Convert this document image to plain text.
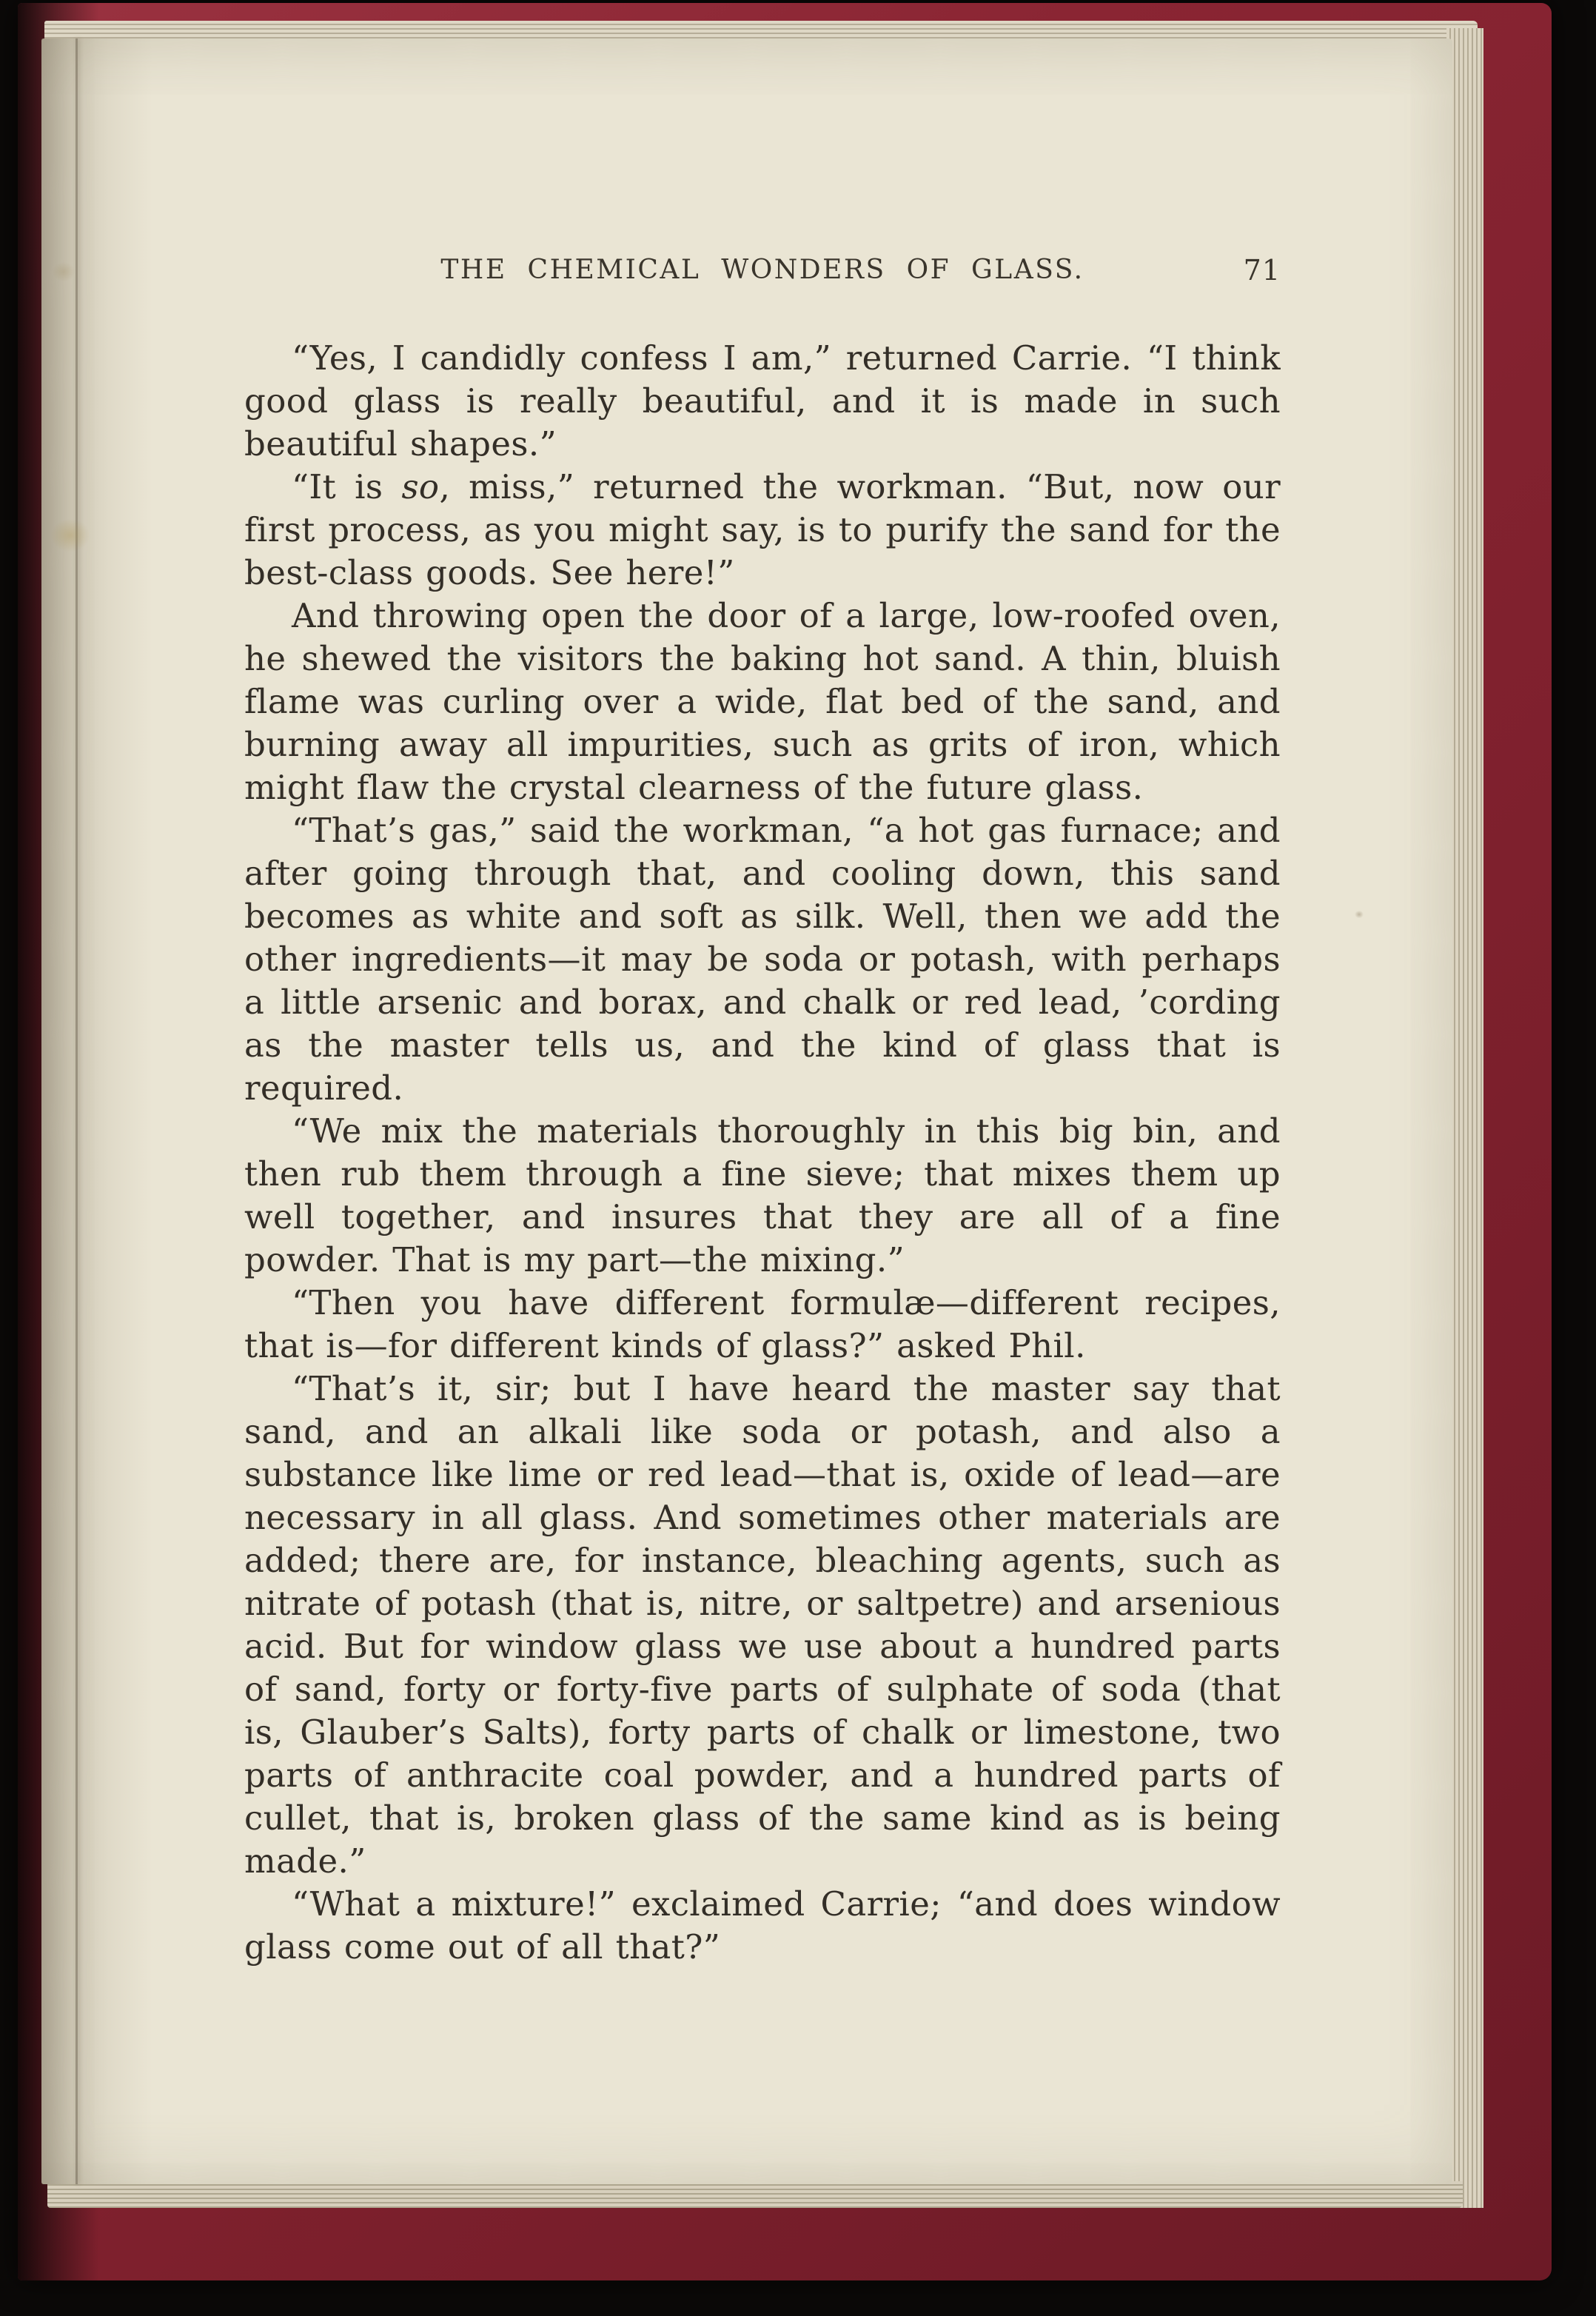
THE CHEMICAL WONDERS OF GLASS.	71

“Yes, I candidly confess I am,” returned Carrie. “I think good glass is really beautiful, and it is made in such beautiful shapes.”

“It is so, miss,” returned the workman. “But, now our first process, as you might say, is to purify the sand for the best-class goods. See here!”

And throwing open the door of a large, low-roofed oven, he shewed the visitors the baking hot sand. A thin, bluish flame was curling over a wide, flat bed of the sand, and burning away all impurities, such as grits of iron, which might flaw the crystal clearness of the future glass.

“That’s gas,” said the workman, “a hot gas furnace; and after going through that, and cooling down, this sand becomes as white and soft as silk. Well, then we add the other ingredients—it may be soda or potash, with perhaps a little arsenic and borax, and chalk or red lead, ’cording as the master tells us, and the kind of glass that is required.

“We mix the materials thoroughly in this big bin, and then rub them through a fine sieve; that mixes them up well together, and insures that they are all of a fine powder. That is my part—the mixing.”

“Then you have different formulæ—different recipes, that is—for different kinds of glass?” asked Phil.

“That’s it, sir; but I have heard the master say that sand, and an alkali like soda or potash, and also a substance like lime or red lead—that is, oxide of lead—are necessary in all glass. And sometimes other materials are added; there are, for instance, bleaching agents, such as nitrate of potash (that is, nitre, or saltpetre) and arsenious acid. But for window glass we use about a hundred parts of sand, forty or forty-five parts of sulphate of soda (that is, Glauber’s Salts), forty parts of chalk or limestone, two parts of anthracite coal powder, and a hundred parts of cullet, that is, broken glass of the same kind as is being made.”

“What a mixture!” exclaimed Carrie; “and does window glass come out of all that?”
